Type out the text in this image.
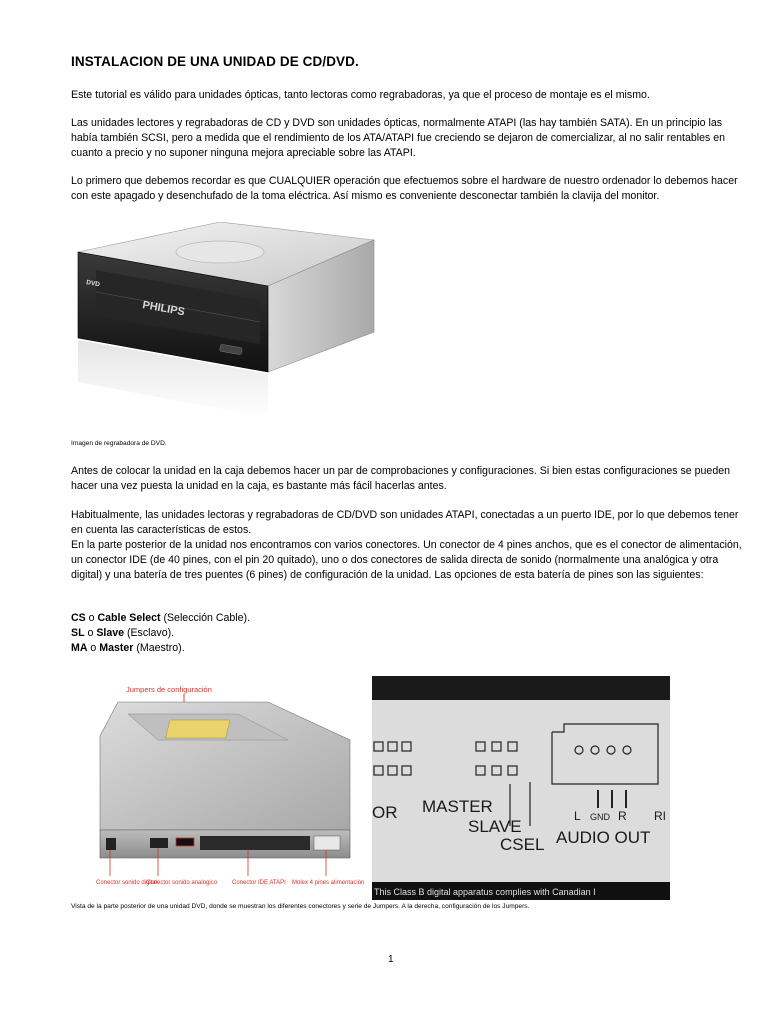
INSTALACION DE UNA UNIDAD DE CD/DVD.

Este tutorial es válido para unidades ópticas, tanto lectoras como regrabadoras, ya que el proceso de montaje es el mismo.

Las unidades lectores y regrabadoras de CD y DVD son unidades ópticas, normalmente ATAPI (las hay también SATA). En un principio las había también SCSI, pero a medida que el rendimiento de los ATA/ATAPI fue creciendo se dejaron de comercializar, al no salir rentables en cuanto a precio y no suponer ninguna mejora apreciable sobre las ATAPI.

Lo primero que debemos recordar es que CUALQUIER operación que efectuemos sobre el hardware de nuestro ordenador lo debemos hacer con este apagado y desenchufado de la toma eléctrica. Así mismo es conveniente desconectar también la clavija del monitor.

PHILIPS
DVD
Imagen de regrabadora de DVD.

Antes de colocar la unidad en la caja debemos hacer un par de comprobaciones y configuraciones. Si bien estas configuraciones se pueden hacer una vez puesta la unidad en la caja, es bastante más fácil hacerlas antes.

Habitualmente, las unidades lectoras y regrabadoras de CD/DVD son unidades ATAPI, conectadas a un puerto IDE, por lo que debemos tener en cuenta las características de estos.

En la parte posterior de la unidad nos encontramos con varios conectores. Un conector de 4 pines anchos, que es el conector de alimentación, un conector IDE (de 40 pines, con el pin 20 quitado), uno o dos conectores de salida directa de sonido (normalmente una analógica y otra digital) y una batería de tres puentes (6 pines) de configuración de la unidad. Las opciones de esta batería de pines son las siguientes:

CS o Cable Select (Selección Cable).
SL o Slave (Esclavo).
MA o Master (Maestro).
Jumpers de configuración
Conector sonido digital
Conector sonido analogico Conector IDE ATAPI Molex 4 pines alimentación
OR MASTER
SLAVE
CSEL
L GND R RI
AUDIO OUT
This Class B digital apparatus complies with Canadian I
Vista de la parte posterior de una unidad DVD, donde se muestran los diferentes conectores y serie de Jumpers. A la derecha, configuración de los Jumpers.
1
